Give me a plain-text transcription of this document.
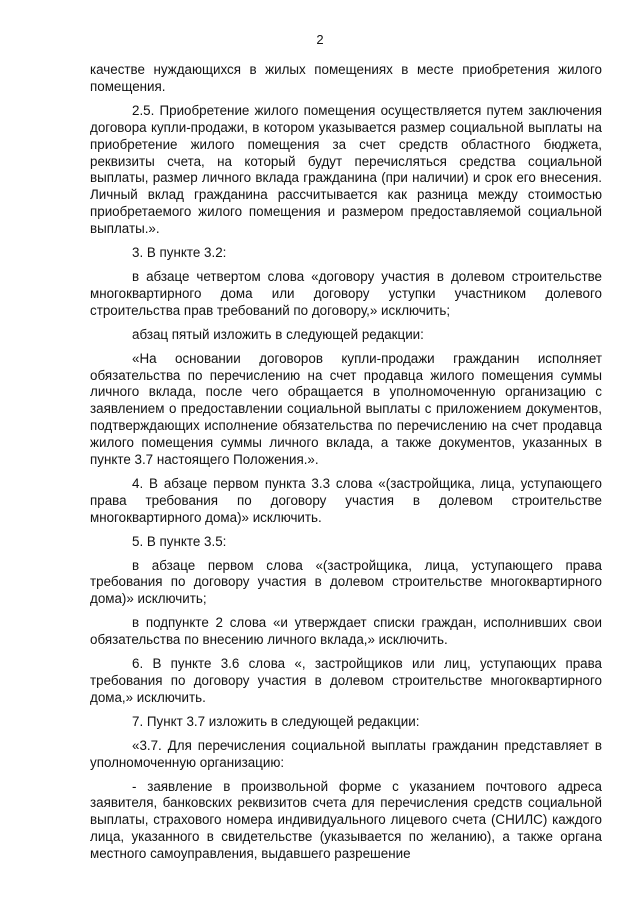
2

качестве нуждающихся в жилых помещениях в месте приобретения жилого помещения.

2.5. Приобретение жилого помещения осуществляется путем заключения договора купли-продажи, в котором указывается размер социальной выплаты на приобретение жилого помещения за счет средств областного бюджета, реквизиты счета, на который будут перечисляться средства социальной выплаты, размер личного вклада гражданина (при наличии) и срок его внесения. Личный вклад гражданина рассчитывается как разница между стоимостью приобретаемого жилого помещения и размером предоставляемой социальной выплаты.».

3. В пункте 3.2:

в абзаце четвертом слова «договору участия в долевом строительстве многоквартирного дома или договору уступки участником долевого строительства прав требований по договору,» исключить;

абзац пятый изложить в следующей редакции:

«На основании договоров купли-продажи гражданин исполняет обязательства по перечислению на счет продавца жилого помещения суммы личного вклада, после чего обращается в уполномоченную организацию с заявлением о предоставлении социальной выплаты с приложением документов, подтверждающих исполнение обязательства по перечислению на счет продавца жилого помещения суммы личного вклада, а также документов, указанных в пункте 3.7 настоящего Положения.».

4. В абзаце первом пункта 3.3 слова «(застройщика, лица, уступающего права требования по договору участия в долевом строительстве многоквартирного дома)» исключить.

5. В пункте 3.5:

в абзаце первом слова «(застройщика, лица, уступающего права требования по договору участия в долевом строительстве многоквартирного дома)» исключить;

в подпункте 2 слова «и утверждает списки граждан, исполнивших свои обязательства по внесению личного вклада,» исключить.

6. В пункте 3.6 слова «, застройщиков или лиц, уступающих права требования по договору участия в долевом строительстве многоквартирного дома,» исключить.

7. Пункт 3.7 изложить в следующей редакции:

«3.7. Для перечисления социальной выплаты гражданин представляет в уполномоченную организацию:

- заявление в произвольной форме с указанием почтового адреса заявителя, банковских реквизитов счета для перечисления средств социальной выплаты, страхового номера индивидуального лицевого счета (СНИЛС) каждого лица, указанного в свидетельстве (указывается по желанию), а также органа местного самоуправления, выдавшего разрешение
